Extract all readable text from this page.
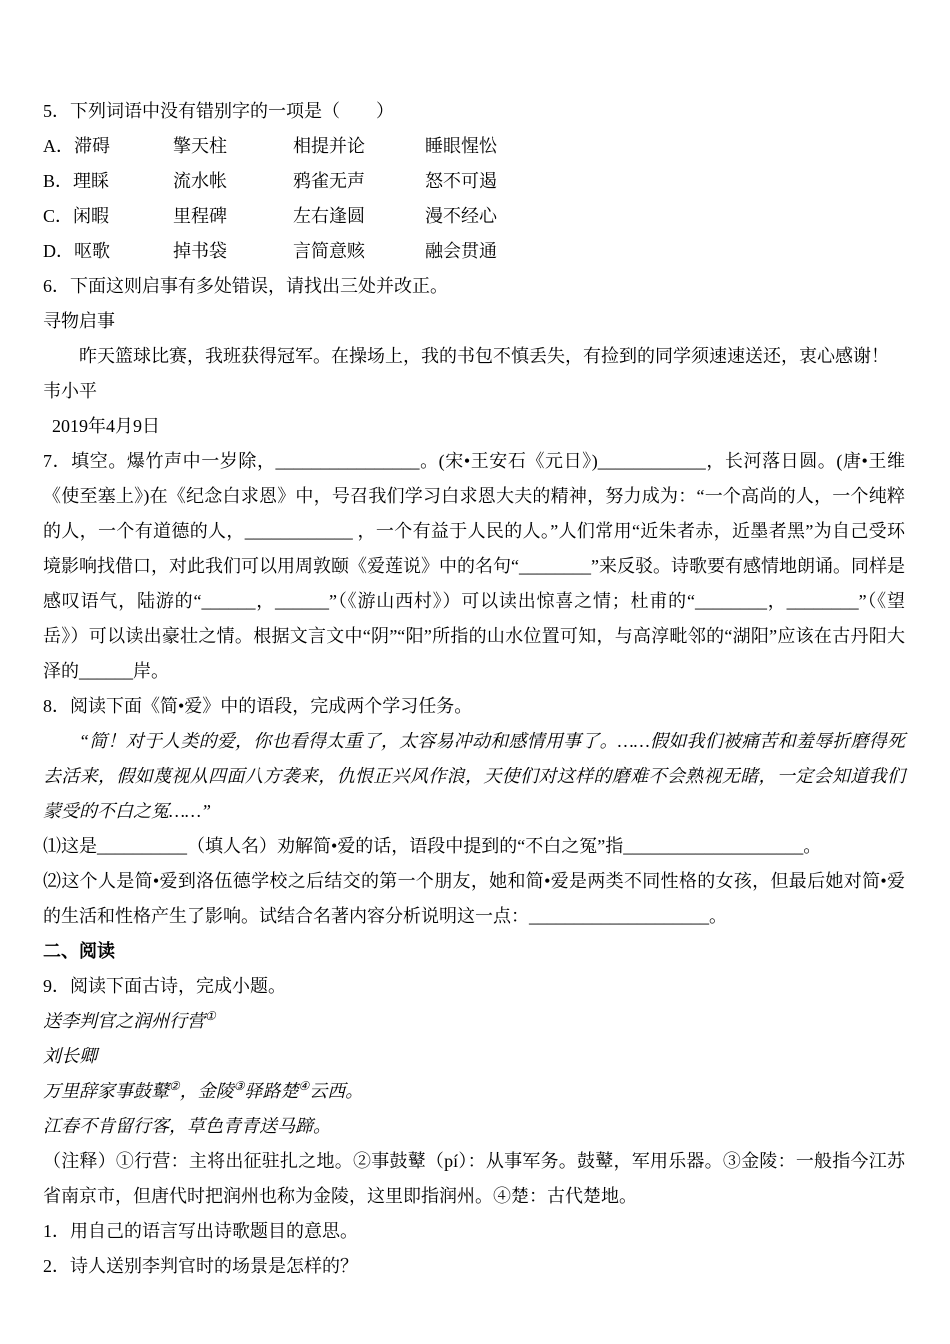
5．下列词语中没有错别字的一项是（　　）

A．滞碍	擎天柱	相提并论	睡眼惺忪
B．理睬	流水帐	鸦雀无声	怒不可遏
C．闲暇	里程碑	左右逢圆	漫不经心
D．呕歌	掉书袋	言简意赅	融会贯通

6．下面这则启事有多处错误，请找出三处并改正。

寻物启事

昨天篮球比赛，我班获得冠军。在操场上，我的书包不慎丢失，有捡到的同学须速速送还，衷心感谢！

韦小平

2019年4月9日

7．填空。爆竹声中一岁除，________________。(宋•王安石《元日》)____________，长河落日圆。(唐•王维《使至塞上》)在《纪念白求恩》中，号召我们学习白求恩大夫的精神，努力成为：“一个高尚的人，一个纯粹的人，一个有道德的人，____________ ，一个有益于人民的人。”人们常用“近朱者赤，近墨者黑”为自己受环境影响找借口，对此我们可以用周敦颐《爱莲说》中的名句“________”来反驳。诗歌要有感情地朗诵。同样是感叹语气，陆游的“______，______”（《游山西村》）可以读出惊喜之情；杜甫的“________，________”（《望岳》）可以读出豪壮之情。根据文言文中“阴”“阳”所指的山水位置可知，与高淳毗邻的“湖阳”应该在古丹阳大泽的______岸。

8．阅读下面《简•爱》中的语段，完成两个学习任务。

“简！对于人类的爱，你也看得太重了，太容易冲动和感情用事了。……假如我们被痛苦和羞辱折磨得死去活来，假如蔑视从四面八方袭来，仇恨正兴风作浪，天使们对这样的磨难不会熟视无睹，一定会知道我们蒙受的不白之冤……”

⑴这是__________（填人名）劝解简•爱的话，语段中提到的“不白之冤”指____________________。

⑵这个人是简•爱到洛伍德学校之后结交的第一个朋友，她和简•爱是两类不同性格的女孩，但最后她对简•爱的生活和性格产生了影响。试结合名著内容分析说明这一点：____________________。

二、阅读

9．阅读下面古诗，完成小题。

送李判官之润州行营①

刘长卿

万里辞家事鼓鼙②，金陵③驿路楚④云西。

江春不肯留行客，草色青青送马蹄。

（注释）①行营：主将出征驻扎之地。②事鼓鼙（pí）：从事军务。鼓鼙，军用乐器。③金陵：一般指今江苏省南京市，但唐代时把润州也称为金陵，这里即指润州。④楚：古代楚地。

1．用自己的语言写出诗歌题目的意思。

2．诗人送别李判官时的场景是怎样的？
